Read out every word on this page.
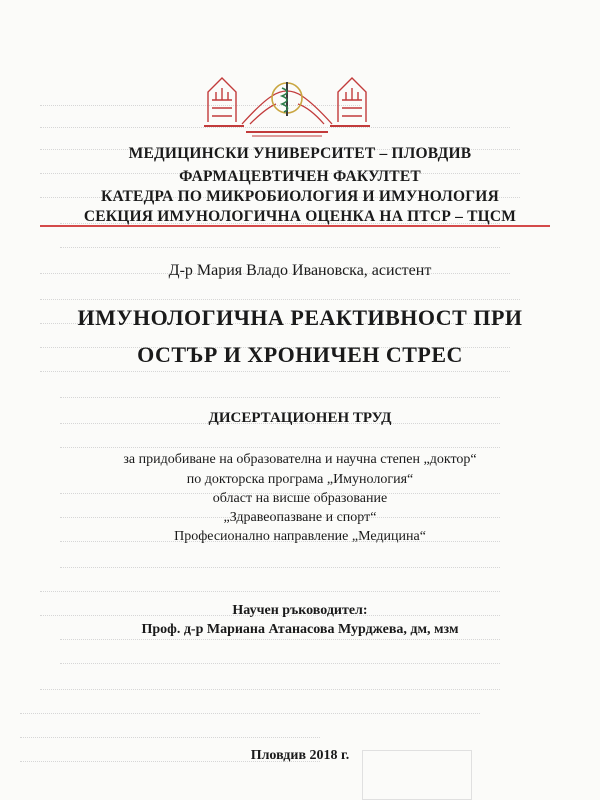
МЕДИЦИНСКИ УНИВЕРСИТЕТ – ПЛОВДИВ
ФАРМАЦЕВТИЧЕН ФАКУЛТЕТ
КАТЕДРА ПО МИКРОБИОЛОГИЯ И ИМУНОЛОГИЯ
СЕКЦИЯ ИМУНОЛОГИЧНА ОЦЕНКА НА ПТСР – ТЦСМ
Д-р Мария Владо Ивановска, асистент
ИМУНОЛОГИЧНА РЕАКТИВНОСТ ПРИ
ОСТЪР И ХРОНИЧЕН СТРЕС
ДИСЕРТАЦИОНЕН ТРУД
за придобиване на образователна и научна степен „доктор“
по докторска програма „Имунология“
област на висше образование
„Здравеопазване и спорт“
Професионално направление „Медицина“
Научен ръководител:
Проф. д-р Мариана Атанасова Мурджева, дм, мзм
Пловдив 2018 г.
